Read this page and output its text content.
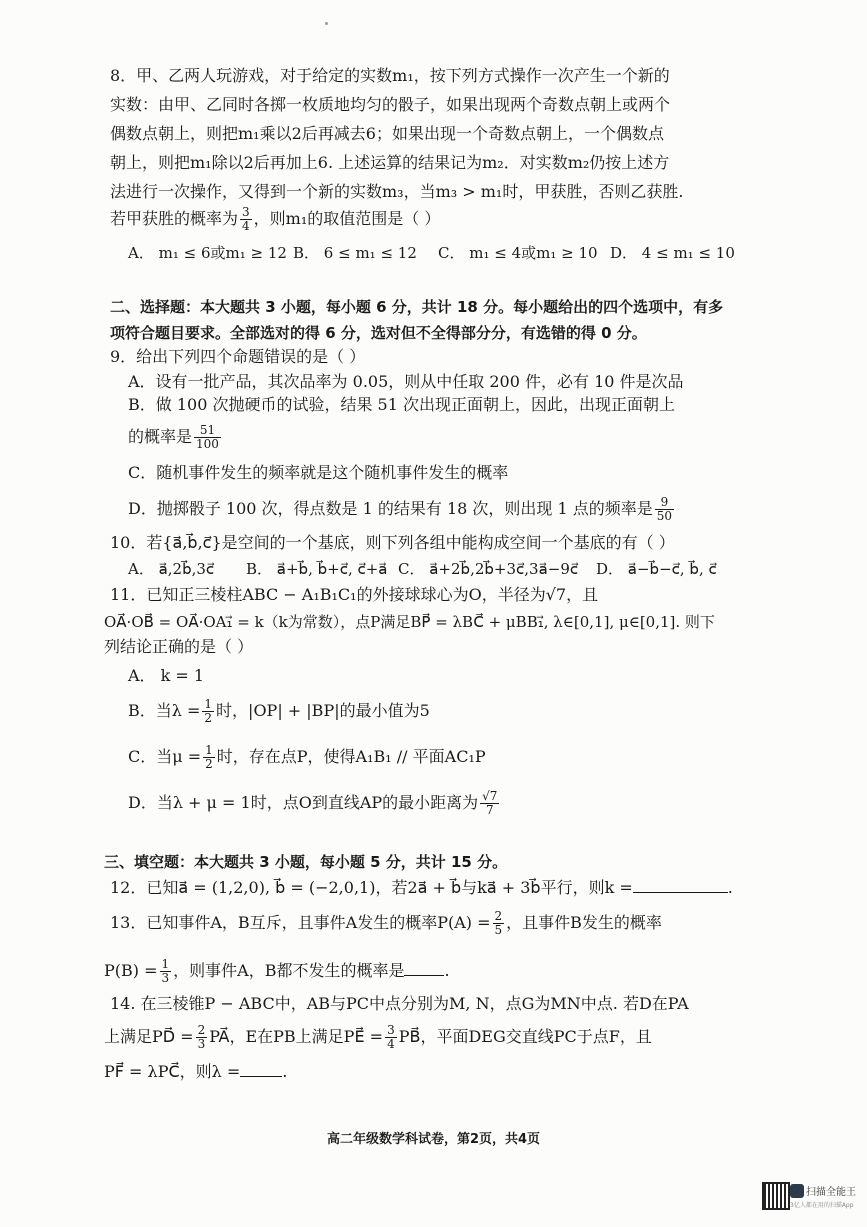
8．甲、乙两人玩游戏，对于给定的实数m₁，按下列方式操作一次产生一个新的
实数：由甲、乙同时各掷一枚质地均匀的骰子，如果出现两个奇数点朝上或两个
偶数点朝上，则把m₁乘以2后再减去6；如果出现一个奇数点朝上，一个偶数点
朝上，则把m₁除以2后再加上6. 上述运算的结果记为m₂．对实数m₂仍按上述方
法进行一次操作，又得到一个新的实数m₃，当m₃ > m₁时，甲获胜，否则乙获胜.
若甲获胜的概率为 $\frac{3}{4}$ ，则m₁的取值范围是（ ）
A． m₁ ≤ 6或m₁ ≥ 12 B． 6 ≤ m₁ ≤ 12 C． m₁ ≤ 4或m₁ ≥ 10 D． 4 ≤ m₁ ≤ 10
二、选择题：本大题共 3 小题，每小题 6 分，共计 18 分。每小题给出的四个选项中，有多
项符合题目要求。全部选对的得 6 分，选对但不全得部分分，有选错的得 0 分。
9．给出下列四个命题错误的是（ ）
A．设有一批产品，其次品率为 0.05，则从中任取 200 件，必有 10 件是次品
B．做 100 次抛硬币的试验，结果 51 次出现正面朝上，因此，出现正面朝上
的概率是 $\frac{51}{100}$
C．随机事件发生的频率就是这个随机事件发生的概率
D．抛掷骰子 100 次，得点数是 1 的结果有 18 次，则出现 1 点的频率是 $\frac{9}{50}$
10．若{a⃗,b⃗,c⃗}是空间的一个基底，则下列各组中能构成空间一个基底的有（ ）
A． a⃗,2b⃗,3c⃗ B． a⃗+b⃗, b⃗+c⃗, c⃗+a⃗ C． a⃗+2b⃗,2b⃗+3c⃗,3a⃗−9c⃗ D． a⃗−b⃗−c⃗, b⃗, c⃗
11．已知正三棱柱ABC − A₁B₁C₁的外接球球心为O，半径为√7，且
OA⃗·OB⃗ = OA⃗·OA₁⃗ = k（k为常数），点P满足BP⃗ = λBC⃗ + μBB₁⃗, λ∈[0,1], μ∈[0,1]. 则下
列结论正确的是（ ）
A． k = 1
B．当$\lambda = \frac{1}{2}$ 时，|OP| + |BP|的最小值为5
C．当$\mu = \frac{1}{2}$ 时，存在点P，使得A₁B₁ // 平面AC₁P
D．当λ + μ = 1时，点O到直线AP的最小距离为 $\frac{√7}{7}$
三、填空题：本大题共 3 小题，每小题 5 分，共计 15 分。
12．已知a⃗ = (1,2,0), b⃗ = (−2,0,1)，若2a⃗ + b⃗与ka⃗ + 3b⃗平行，则k =	.
13．已知事件A，B互斥，且事件A发生的概率$P(A) = \frac{2}{5}$ ，且事件B发生的概率
$P(B) = \frac{1}{3}$ ，则事件A，B都不发生的概率是	.
14. 在三棱锥P − ABC中，AB与PC中点分别为M, N，点G为MN中点. 若D在PA
上满足PD⃗ = $\frac{2}{3}$ PA⃗，E在PB上满足PE⃗ = $\frac{3}{4}$ PB⃗，平面DEG交直线PC于点F，且
PF⃗ = λPC⃗，则λ =	.
高二年级数学科试卷，第2页，共4页
扫描全能王
3亿人都在用的扫描App
